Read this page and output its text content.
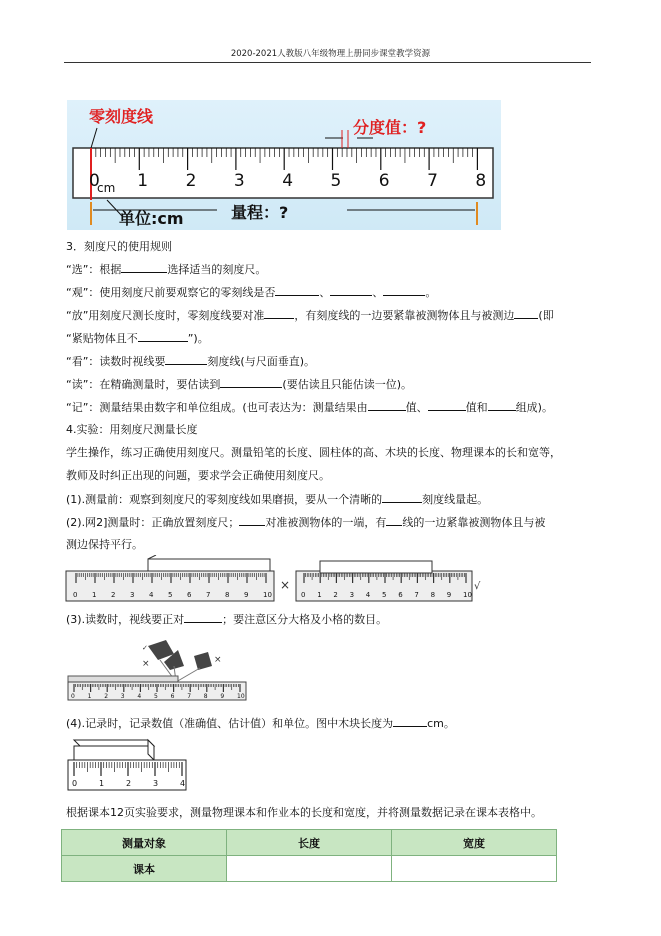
2020-2021人教版八年级物理上册同步课堂教学资源
零刻度线
分度值：?
0 1 2 3 4 5 6 7 8
cm
单位:cm	量程：?
3．刻度尺的使用规则
“选”：根据	选择适当的刻度尺。
“观”：使用刻度尺前要观察它的零刻线是否	、	、	。
“放”用刻度尺测长度时，零刻度线要对准	，有刻度线的一边要紧靠被测物体且与被测边 (即
“紧贴物体且不	”)。
“看”：读数时视线要	刻度线(与尺面垂直)。
“读”：在精确测量时，要估读到	(要估读且只能估读一位)。
“记”：测量结果由数字和单位组成。(也可表达为：测量结果由	值、	值和	组成)。
4.实验：用刻度尺测量长度
学生操作，练习正确使用刻度尺。测量铅笔的长度、圆柱体的高、木块的长度、物理课本的长和宽等，
教师及时纠正出现的问题，要求学会正确使用刻度尺。
(1).测量前：观察到刻度尺的零刻度线如果磨损，要从一个清晰的	刻度线量起。
(2).网2]测量时：正确放置刻度尺； 对准被测物体的一端，有 线的一边紧靠被测物体且与被
测边保持平行。
0 1 2 3 4 5 6 7 8 9 10
×
0 1 2 3 4 5 6 7 8 9 10
√
(3).读数时，视线要正对	；要注意区分大格及小格的数目。
✓
×	×
0 1 2 3 4 5 6 7 8 9 10
(4).记录时，记录数值（准确值、估计值）和单位。图中木块长度为	cm。
0	1	2	3	4
根据课本12页实验要求，测量物理课本和作业本的长度和宽度，并将测量数据记录在课本表格中。
测量对象	长度	宽度
课本		
